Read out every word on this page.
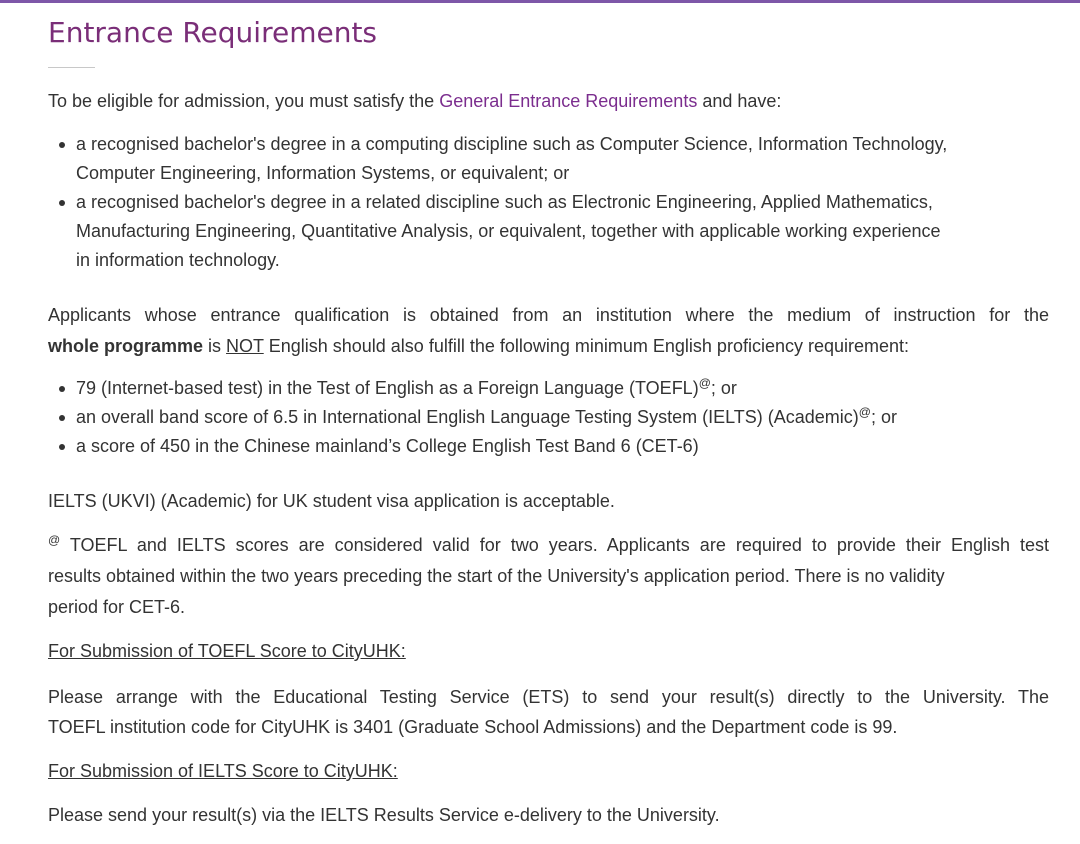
Entrance Requirements

To be eligible for admission, you must satisfy the General Entrance Requirements and have:

a recognised bachelor's degree in a computing discipline such as Computer Science, Information Technology,
Computer Engineering, Information Systems, or equivalent; or
a recognised bachelor's degree in a related discipline such as Electronic Engineering, Applied Mathematics,
Manufacturing Engineering, Quantitative Analysis, or equivalent, together with applicable working experience
in information technology.

Applicants whose entrance qualification is obtained from an institution where the medium of instruction for the
whole programme is NOT English should also fulfill the following minimum English proficiency requirement:

79 (Internet-based test) in the Test of English as a Foreign Language (TOEFL)@; or
an overall band score of 6.5 in International English Language Testing System (IELTS) (Academic)@; or
a score of 450 in the Chinese mainland’s College English Test Band 6 (CET-6)

IELTS (UKVI) (Academic) for UK student visa application is acceptable.

@ TOEFL and IELTS scores are considered valid for two years. Applicants are required to provide their English test
results obtained within the two years preceding the start of the University's application period. There is no validity
period for CET-6.

For Submission of TOEFL Score to CityUHK:

Please arrange with the Educational Testing Service (ETS) to send your result(s) directly to the University. The
TOEFL institution code for CityUHK is 3401 (Graduate School Admissions) and the Department code is 99.

For Submission of IELTS Score to CityUHK:

Please send your result(s) via the IELTS Results Service e-delivery to the University.
